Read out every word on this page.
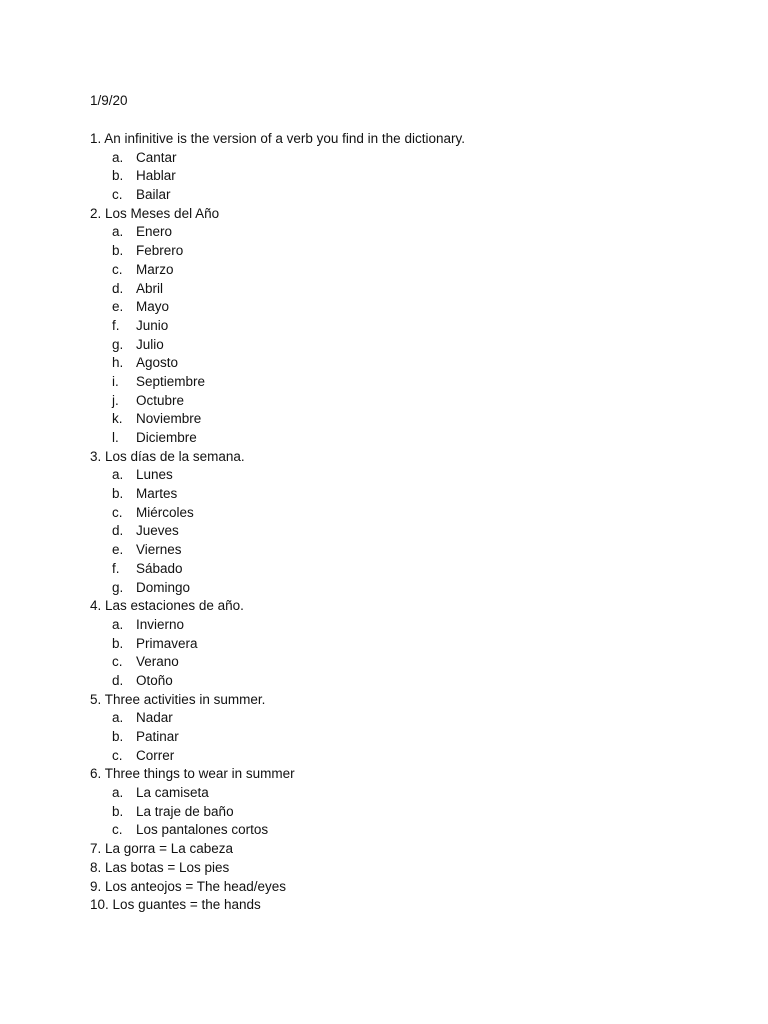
1/9/20
1. An infinitive is the version of a verb you find in the dictionary.
a. Cantar
b. Hablar
c. Bailar
2. Los Meses del Año
a. Enero
b. Febrero
c. Marzo
d. Abril
e. Mayo
f. Junio
g. Julio
h. Agosto
i. Septiembre
j. Octubre
k. Noviembre
l. Diciembre
3. Los días de la semana.
a. Lunes
b. Martes
c. Miércoles
d. Jueves
e. Viernes
f. Sábado
g. Domingo
4. Las estaciones de año.
a. Invierno
b. Primavera
c. Verano
d. Otoño
5. Three activities in summer.
a. Nadar
b. Patinar
c. Correr
6. Three things to wear in summer
a. La camiseta
b. La traje de baño
c. Los pantalones cortos
7. La gorra = La cabeza
8. Las botas = Los pies
9. Los anteojos = The head/eyes
10. Los guantes = the hands
